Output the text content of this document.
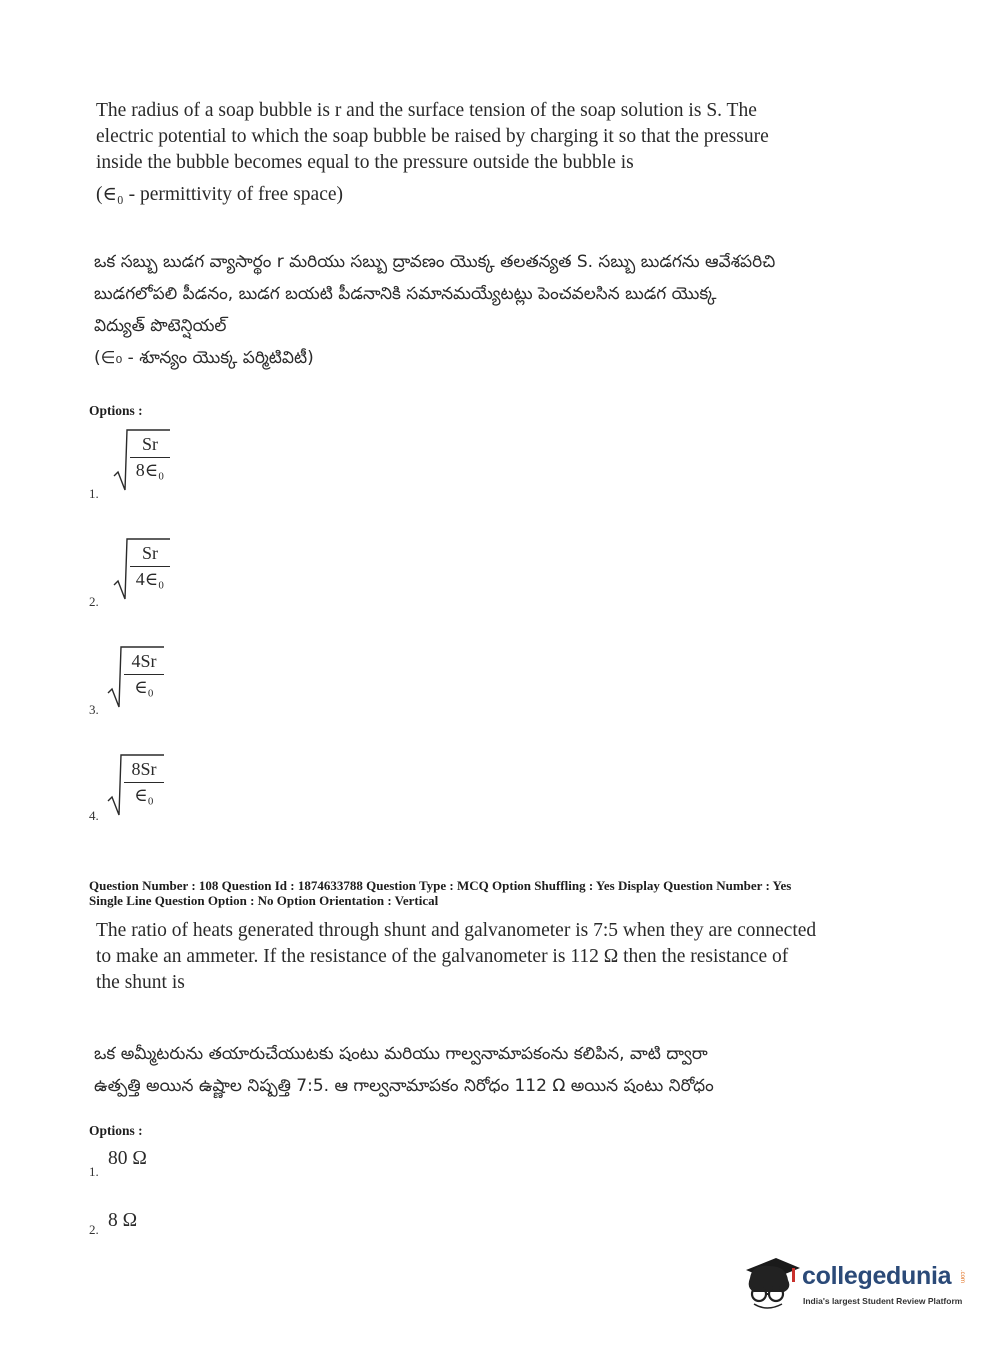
The radius of a soap bubble is r and the surface tension of the soap solution is S. The
electric potential to which the soap bubble be raised by charging it so that the pressure
inside the bubble becomes equal to the pressure outside the bubble is
(∈₀ - permittivity of free space)
ఒక సబ్బు బుడగ వ్యాసార్థం r మరియు సబ్బు ద్రావణం యొక్క తలతన్యత S. సబ్బు బుడగను ఆవేశపరిచి
బుడగలోపలి పీడనం, బుడగ బయటి పీడనానికి సమానమయ్యేటట్లు పెంచవలసిన బుడగ యొక్క
విద్యుత్ పొటెన్షియల్
(∈₀ - శూన్యం యొక్క పర్మిటివిటీ)
Options :
1.
$\frac{Sr}{\text{8∈₀}}$
2.
$\frac{Sr}{\text{4∈₀}}$
3.
4Sr
∈₀
4.
8Sr
∈₀
Question Number : 108 Question Id : 1874633788 Question Type : MCQ Option Shuffling : Yes Display Question Number : Yes
Single Line Question Option : No Option Orientation : Vertical
The ratio of heats generated through shunt and galvanometer is 7:5 when they are connected
to make an ammeter. If the resistance of the galvanometer is 112 Ω then the resistance of
the shunt is
ఒక అమ్మీటరును తయారుచేయుటకు షంటు మరియు గాల్వనామాపకంను కలిపిన, వాటి ద్వారా
ఉత్పత్తి అయిన ఉష్ణాల నిష్పత్తి 7:5. ఆ గాల్వనామాపకం నిరోధం 112 Ω అయిన షంటు నిరోధం
Options :
1.
80 Ω
2. 8 Ω
collegedunia .com
India's largest Student Review Platform
